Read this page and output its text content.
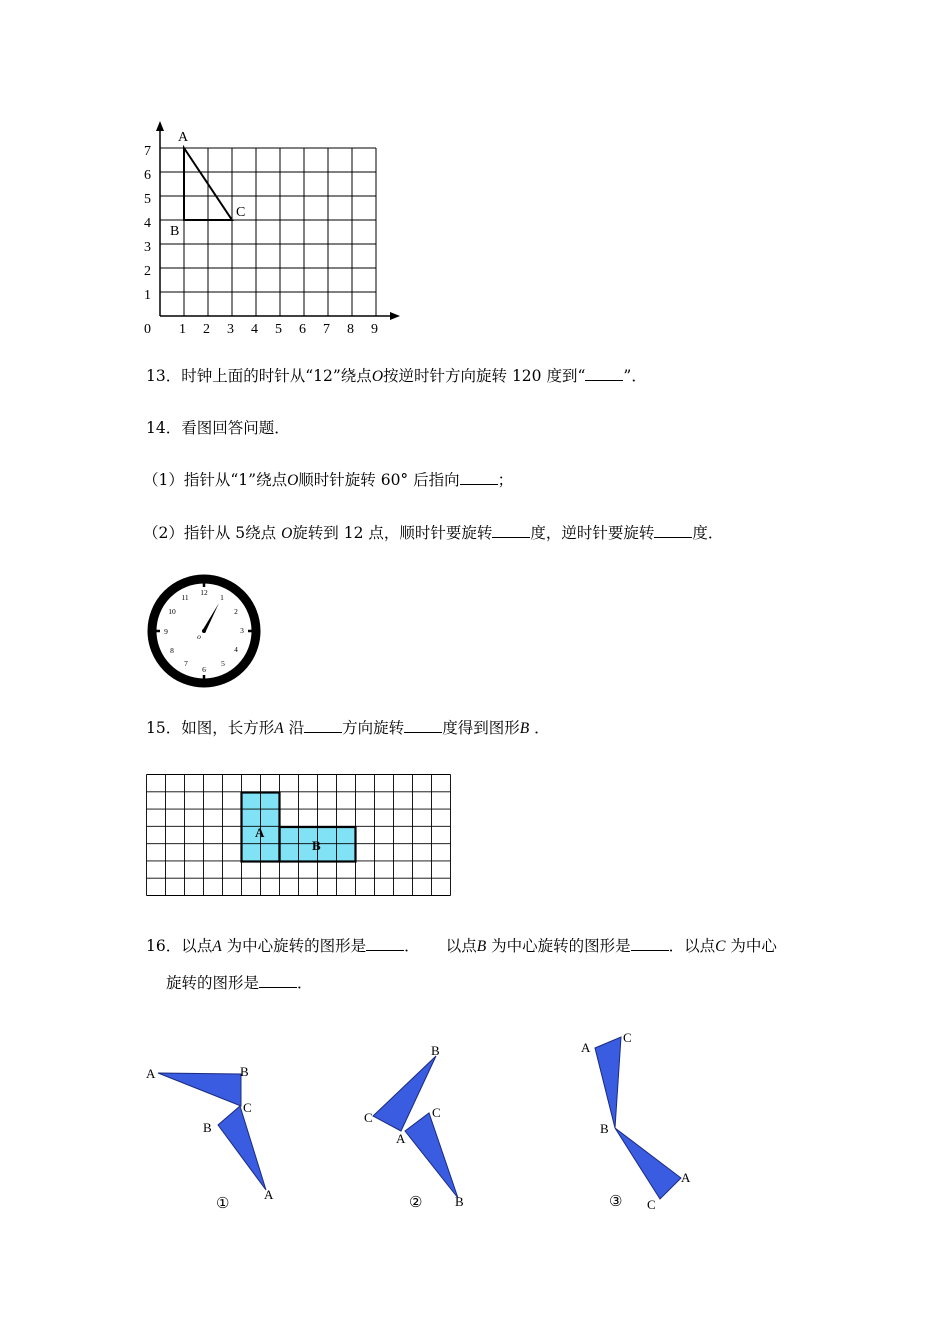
7
6
5
4
3
2
1
0 1 2 3 4 5 6 7 8 9
A
B
C
13．时钟上面的时针从“12”绕点O按逆时针方向旋转 120 度到“ ”．
14．看图回答问题．
（1）指针从“1”绕点O顺时针旋转 60° 后指向 ；
（2）指针从 5绕点 O旋转到 12 点，顺时针要旋转 度，逆时针要旋转 度．
12
1
2
3
4
5
6
7
8
9
10
11
o
15．如图，长方形A 沿 方向旋转 度得到图形B ．
A
B
16．以点A 为中心旋转的图形是 ． 以点B 为中心旋转的图形是 ．以点C 为中心
旋转的图形是 ．
A	B
C
B
A
①
B
C	C
A
B
②
A
C
B
A
C
③
